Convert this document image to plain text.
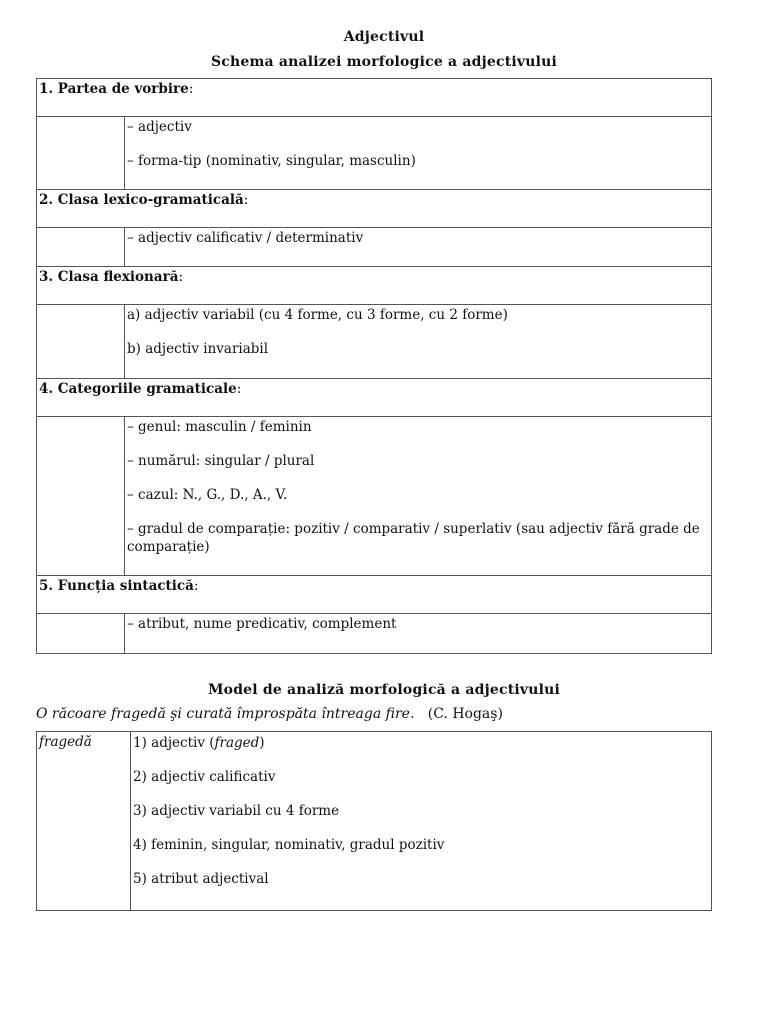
Adjectivul
Schema analizei morfologice a adjectivului
1. Partea de vorbire:	

	– adjectiv

– forma-tip (nominativ, singular, masculin)

2. Clasa lexico-gramaticală:	

	– adjectiv calificativ / determinativ

3. Clasa flexionară:	

	a) adjectiv variabil (cu 4 forme, cu 3 forme, cu 2 forme)

b) adjectiv invariabil

4. Categoriile gramaticale:	

	– genul: masculin / feminin

– numărul: singular / plural

– cazul: N., G., D., A., V.

– gradul de comparație: pozitiv / comparativ / superlativ (sau adjectiv fără grade de comparație)

5. Funcția sintactică:	

	– atribut, nume predicativ, complement

Model de analiză morfologică a adjectivului
O răcoare fragedă şi curată împrospăta întreaga fire. (C. Hogaş)
fragedă	1) adjectiv (fraged)

2) adjectiv calificativ

3) adjectiv variabil cu 4 forme

4) feminin, singular, nominativ, gradul pozitiv

5) atribut adjectival
